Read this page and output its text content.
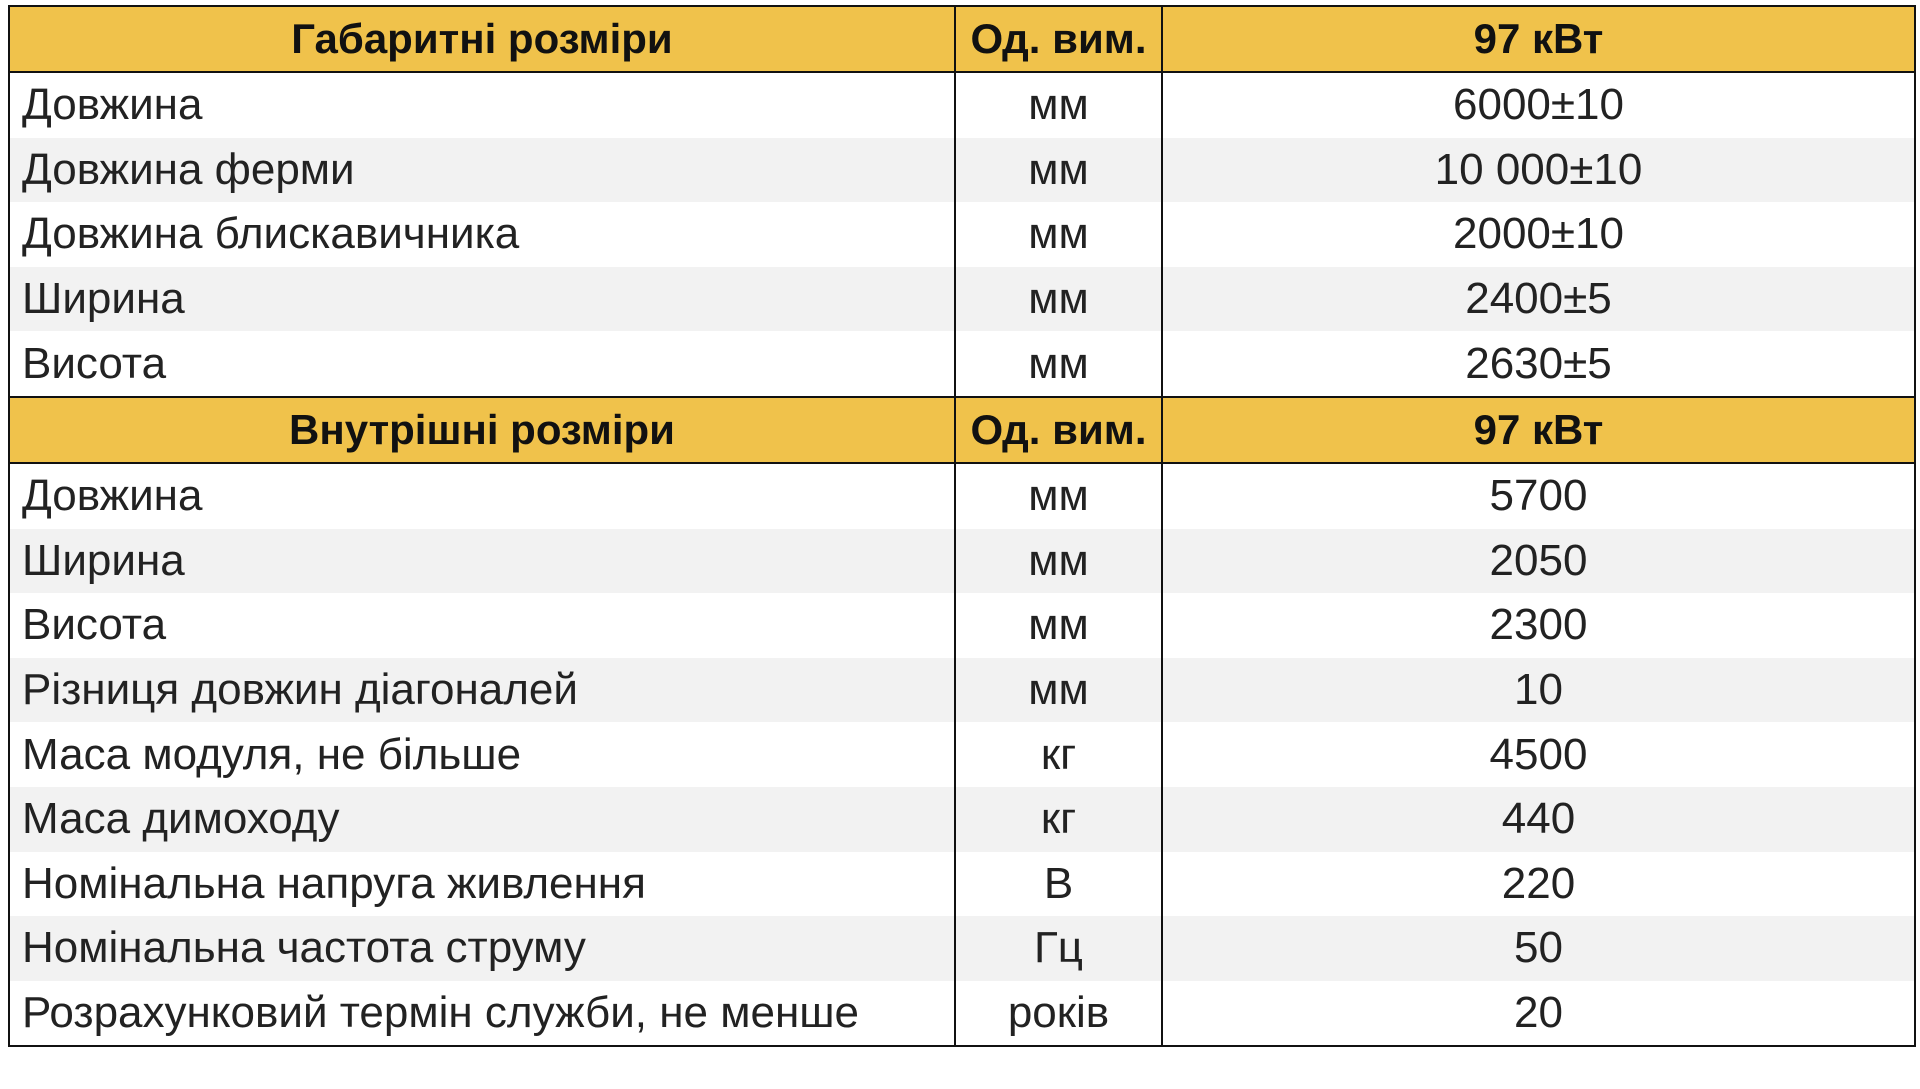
Габаритні розміри	Од. вим.	97 кВт
Довжина	мм	6000±10
Довжина ферми	мм	10 000±10
Довжина блискавичника	мм	2000±10
Ширина	мм	2400±5
Висота	мм	2630±5
Внутрішні розміри	Од. вим.	97 кВт
Довжина	мм	5700
Ширина	мм	2050
Висота	мм	2300
Різниця довжин діагоналей	мм	10
Маса модуля, не більше	кг	4500
Маса димоходу	кг	440
Номінальна напруга живлення	В	220
Номінальна частота струму	Гц	50
Розрахунковий термін служби, не менше	років	20
